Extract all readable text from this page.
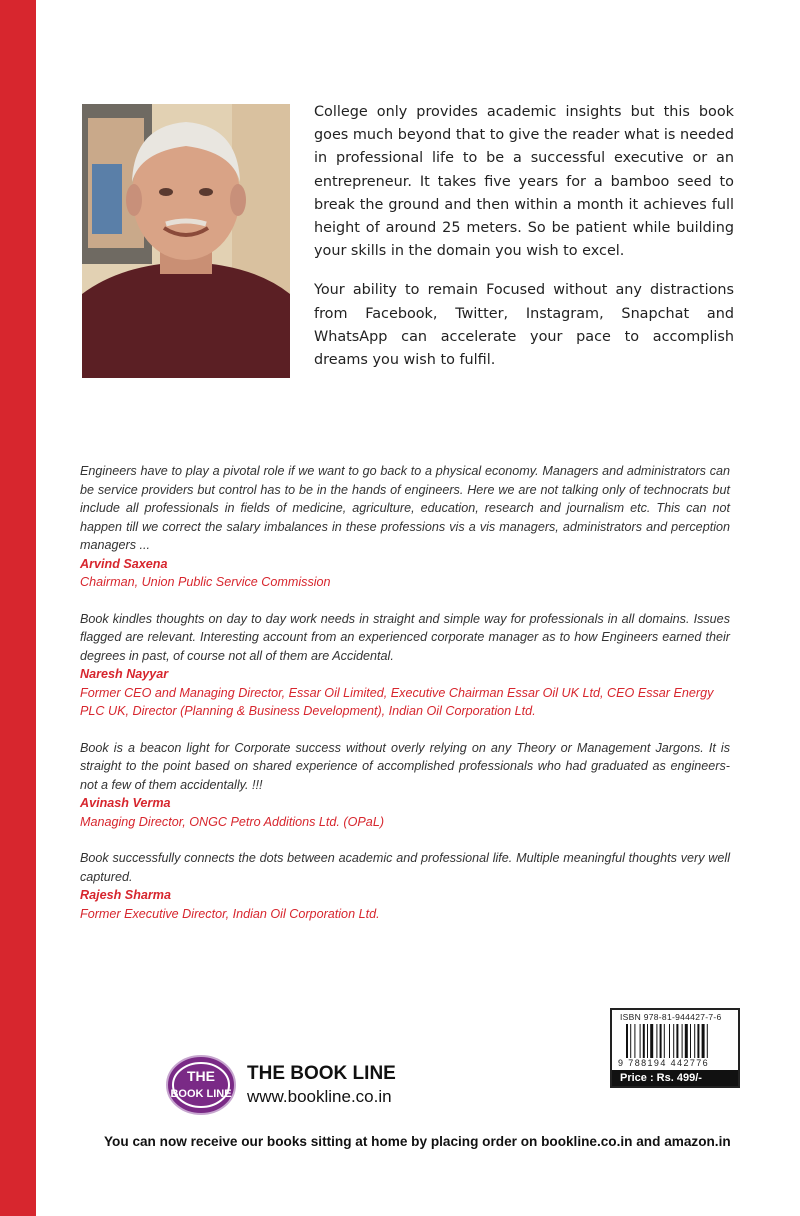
College only provides academic insights but this book goes much beyond that to give the reader what is needed in professional life to be a successful executive or an entrepreneur. It takes five years for a bamboo seed to break the ground and then within a month it achieves full height of around 25 meters. So be patient while building your skills in the domain you wish to excel.

Your ability to remain Focused without any distractions from Facebook, Twitter, Instagram, Snapchat and WhatsApp can accelerate your pace to accomplish dreams you wish to fulfil.

Engineers have to play a pivotal role if we want to go back to a physical economy. Managers and administrators can be service providers but control has to be in the hands of engineers. Here we are not talking only of technocrats but include all professionals in fields of medicine, agriculture, education, research and journalism etc. This can not happen till we correct the salary imbalances in these professions vis a vis managers, administrators and perception managers ...

Arvind Saxena

Chairman, Union Public Service Commission

Book kindles thoughts on day to day work needs in straight and simple way for professionals in all domains. Issues flagged are relevant. Interesting account from an experienced corporate manager as to how Engineers earned their degrees in past, of course not all of them are Accidental.

Naresh Nayyar

Former CEO and Managing Director, Essar Oil Limited, Executive Chairman Essar Oil UK Ltd, CEO Essar Energy PLC UK, Director (Planning & Business Development), Indian Oil Corporation Ltd.

Book is a beacon light for Corporate success without overly relying on any Theory or Management Jargons. It is straight to the point based on shared experience of accomplished professionals who had graduated as engineers-not a few of them accidentally. !!!

Avinash Verma

Managing Director, ONGC Petro Additions Ltd. (OPaL)

Book successfully connects the dots between academic and professional life. Multiple meaningful thoughts very well captured.

Rajesh Sharma

Former Executive Director, Indian Oil Corporation Ltd.

ISBN 978-81-944427-7-6
9 788194 442776
Price : Rs. 499/-
THE
BOOK LINE

THE BOOK LINE

www.bookline.co.in

You can now receive our books sitting at home by placing order on bookline.co.in and amazon.in
